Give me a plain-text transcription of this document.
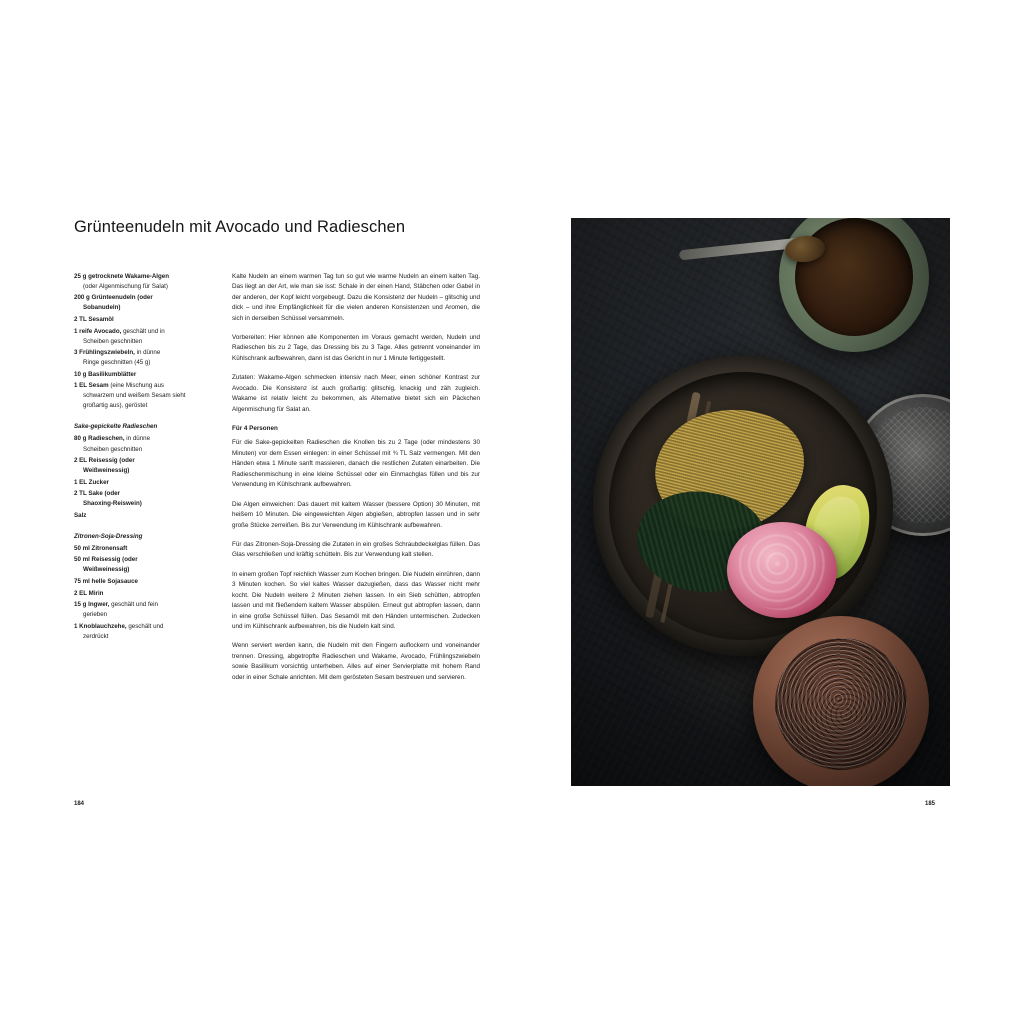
Grünteenudeln mit Avocado und Radieschen
25 g getrocknete Wakame-Algen
(oder Algenmischung für Salat)
200 g Grünteenudeln (oder
Sobanudeln)
2 TL Sesamöl
1 reife Avocado, geschält und in
Scheiben geschnitten
3 Frühlingszwiebeln, in dünne
Ringe geschnitten (45 g)
10 g Basilikumblätter
1 EL Sesam (eine Mischung aus
schwarzem und weißem Sesam sieht großartig aus), geröstet
Sake-gepickelte Radieschen
80 g Radieschen, in dünne
Scheiben geschnitten
2 EL Reisessig (oder
Weißweinessig)
1 EL Zucker
2 TL Sake (oder
Shaoxing-Reiswein)
Salz
Zitronen-Soja-Dressing
50 ml Zitronensaft
50 ml Reisessig (oder
Weißweinessig)
75 ml helle Sojasauce
2 EL Mirin
15 g Ingwer, geschält und fein
gerieben
1 Knoblauchzehe, geschält und
zerdrückt

Kalte Nudeln an einem warmen Tag tun so gut wie warme Nudeln an einem kalten Tag. Das liegt an der Art, wie man sie isst: Schale in der einen Hand, Stäbchen oder Gabel in der anderen, der Kopf leicht vorgebeugt. Dazu die Konsistenz der Nudeln – glitschig und dick – und ihre Empfänglichkeit für die vielen anderen Konsistenzen und Aromen, die sich in derselben Schüssel versammeln.

Vorbereiten: Hier können alle Komponenten im Voraus gemacht werden, Nudeln und Radieschen bis zu 2 Tage, das Dressing bis zu 3 Tage. Alles getrennt voneinander im Kühlschrank aufbewahren, dann ist das Gericht in nur 1 Minute fertiggestellt.

Zutaten: Wakame-Algen schmecken intensiv nach Meer, einen schöner Kontrast zur Avocado. Die Konsistenz ist auch großartig: glitschig, knackig und zäh zugleich. Wakame ist relativ leicht zu bekommen, als Alternative bietet sich ein Päckchen Algenmischung für Salat an.

Für 4 Personen

Für die Sake-gepickelten Radieschen die Knollen bis zu 2 Tage (oder mindestens 30 Minuten) vor dem Essen einlegen: in einer Schüssel mit ¾ TL Salz vermengen. Mit den Händen etwa 1 Minute sanft massieren, danach die restlichen Zutaten einarbeiten. Die Radieschenmischung in eine kleine Schüssel oder ein Einmachglas füllen und bis zur Verwendung im Kühlschrank aufbewahren.

Die Algen einweichen: Das dauert mit kaltem Wasser (bessere Option) 30 Minuten, mit heißem 10 Minuten. Die eingeweichten Algen abgießen, abtropfen lassen und in sehr große Stücke zerreißen. Bis zur Verwendung im Kühlschrank aufbewahren.

Für das Zitronen-Soja-Dressing die Zutaten in ein großes Schraubdeckelglas füllen. Das Glas verschließen und kräftig schütteln. Bis zur Verwendung kalt stellen.

In einem großen Topf reichlich Wasser zum Kochen bringen. Die Nudeln einrühren, dann 3 Minuten kochen. So viel kaltes Wasser dazugießen, dass das Wasser nicht mehr kocht. Die Nudeln weitere 2 Minuten ziehen lassen. In ein Sieb schütten, abtropfen lassen und mit fließendem kaltem Wasser abspülen. Erneut gut abtropfen lassen, dann in eine große Schüssel füllen. Das Sesamöl mit den Händen untermischen. Zudecken und im Kühlschrank aufbewahren, bis die Nudeln kalt sind.

Wenn serviert werden kann, die Nudeln mit den Fingern auflockern und voneinander trennen. Dressing, abgetropfte Radieschen und Wakame, Avocado, Frühlingszwiebeln sowie Basilikum vorsichtig unterheben. Alles auf einer Servierplatte mit hohem Rand oder in einer Schale anrichten. Mit dem gerösteten Sesam bestreuen und servieren.

184	185
